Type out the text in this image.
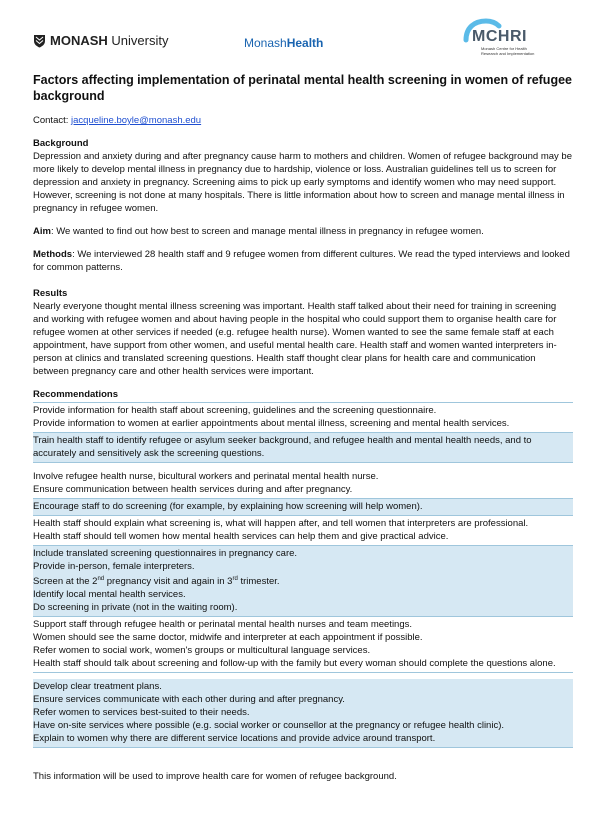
MONASH University	MonashHealth	MCHRI
Monash Centre for Health Research and Implementation
Factors affecting implementation of perinatal mental health screening in women of refugee background
Contact: jacqueline.boyle@monash.edu
Background

Depression and anxiety during and after pregnancy cause harm to mothers and children. Women of refugee background may be more likely to develop mental illness in pregnancy due to hardship, violence or loss. Australian guidelines tell us to screen for depression and anxiety in pregnancy. Screening aims to pick up early symptoms and identify women who may need support. However, screening is not done at many hospitals. There is little information about how to screen and manage mental illness in pregnancy in refugee women.

Aim: We wanted to find out how best to screen and manage mental illness in pregnancy in refugee women.

Methods: We interviewed 28 health staff and 9 refugee women from different cultures. We read the typed interviews and looked for common patterns.

Results

Nearly everyone thought mental illness screening was important. Health staff talked about their need for training in screening and working with refugee women and about having people in the hospital who could support them to organise health care for refugee women at other services if needed (e.g. refugee health nurse). Women wanted to see the same female staff at each appointment, have support from other women, and useful mental health care. Health staff and women wanted interpreters in-person at clinics and translated screening questions. Health staff thought clear plans for health care and communication between pregnancy care and other health services were important.

Recommendations
Provide information for health staff about screening, guidelines and the screening questionnaire.
Provide information to women at earlier appointments about mental illness, screening and mental health services.
Train health staff to identify refugee or asylum seeker background, and refugee health and mental health needs, and to accurately and sensitively ask the screening questions.
Involve refugee health nurse, bicultural workers and perinatal mental health nurse.
Ensure communication between health services during and after pregnancy.
Encourage staff to do screening (for example, by explaining how screening will help women).
Health staff should explain what screening is, what will happen after, and tell women that interpreters are professional.
Health staff should tell women how mental health services can help them and give practical advice.
Include translated screening questionnaires in pregnancy care.
Provide in-person, female interpreters.
Screen at the 2nd pregnancy visit and again in 3rd trimester.
Identify local mental health services.
Do screening in private (not in the waiting room).
Support staff through refugee health or perinatal mental health nurses and team meetings.
Women should see the same doctor, midwife and interpreter at each appointment if possible.
Refer women to social work, women's groups or multicultural language services.
Health staff should talk about screening and follow-up with the family but every woman should complete the questions alone.
Develop clear treatment plans.
Ensure services communicate with each other during and after pregnancy.
Refer women to services best-suited to their needs.
Have on-site services where possible (e.g. social worker or counsellor at the pregnancy or refugee health clinic).
Explain to women why there are different service locations and provide advice around transport.

This information will be used to improve health care for women of refugee background.
